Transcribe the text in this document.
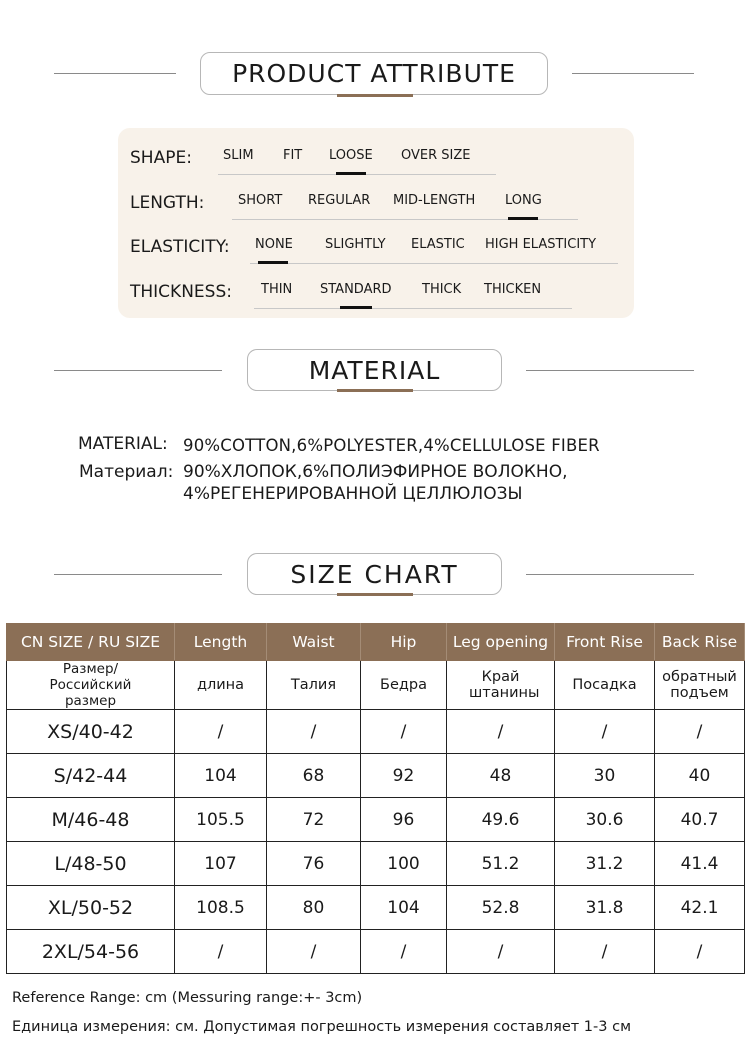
PRODUCT ATTRIBUTE
SHAPE: SLIM FIT LOOSE OVER SIZE
LENGTH:	SHORT REGULAR MID-LENGTH LONG
ELASTICITY: NONE SLIGHTLY ELASTIC HIGH ELASTICITY
THICKNESS: THIN STANDARD THICK THICKEN
MATERIAL
MATERIAL: 90%COTTON,6%POLYESTER,4%CELLULOSE FIBER
Материал: 90%ХЛОПОК,6%ПОЛИЭФИРНОЕ ВОЛОКНО,
4%РЕГЕНЕРИРОВАННОЙ ЦЕЛЛЮЛОЗЫ
SIZE CHART
CN SIZE / RU SIZE	Length	Waist	Hip	Leg opening	Front Rise	Back Rise
Размер/Российский размер	длина	Талия	Бедра	Край штанины	Посадка	обратный подъем
XS/40-42	/	/	/	/	/	/
S/42-44	104	68	92	48	30	40
M/46-48	105.5	72	96	49.6	30.6	40.7
L/48-50	107	76	100	51.2	31.2	41.4
XL/50-52	108.5	80	104	52.8	31.8	42.1
2XL/54-56	/	/	/	/	/	/
Reference Range: cm (Messuring range:+- 3cm)
Единица измерения: см. Допустимая погрешность измерения составляет 1-3 см
